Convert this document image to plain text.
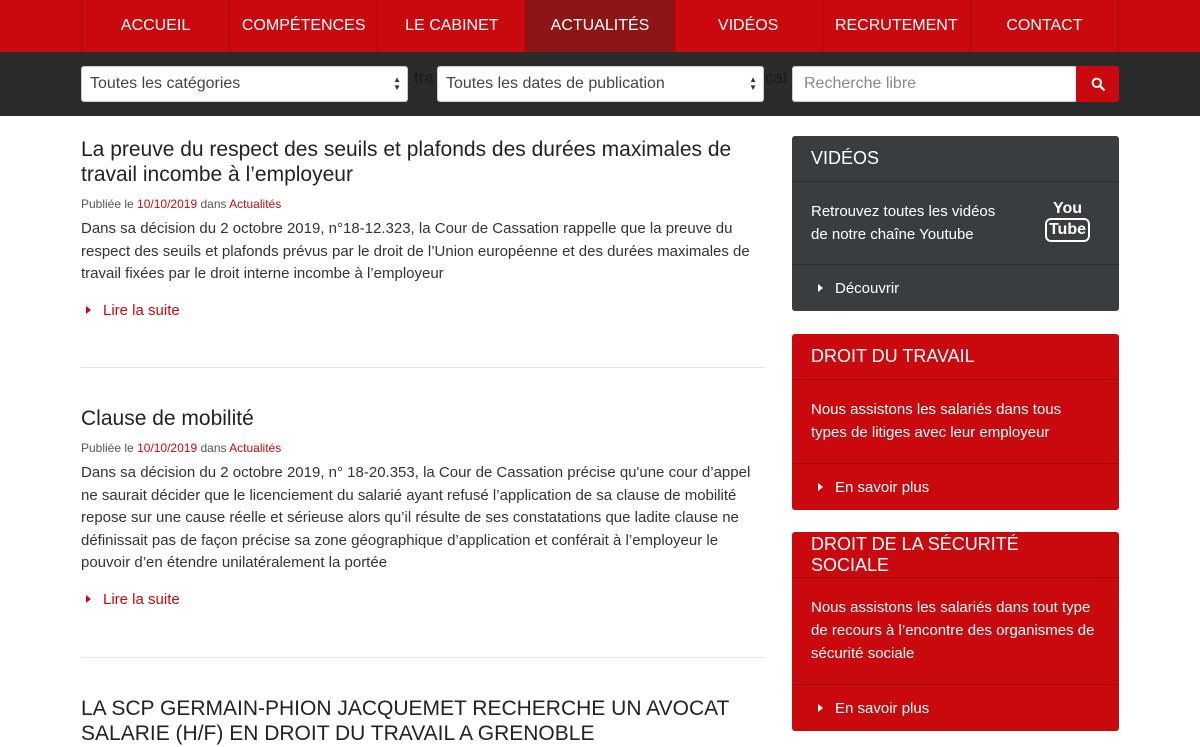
ACCUEIL	COMPÉTENCES	LE CABINET	ACTUALITÉS	VIDÉOS	RECRUTEMENT	CONTACT
tra	cat
Toutes les catégories	▲
▼	Toutes les dates de publication	▲
▼	Recherche libre
La preuve du respect des seuils et plafonds des durées maximales de travail incombe à l’employeur
Publiée le 10/10/2019 dans Actualités

Dans sa décision du 2 octobre 2019, n°18-12.323, la Cour de Cassation rappelle que la preuve du respect des seuils et plafonds prévus par le droit de l’Union européenne et des durées maximales de travail fixées par le droit interne incombe à l’employeur

Lire la suite
Clause de mobilité
Publiée le 10/10/2019 dans Actualités

Dans sa décision du 2 octobre 2019, n° 18-20.353, la Cour de Cassation précise qu'une cour d’appel ne saurait décider que le licenciement du salarié ayant refusé l’application de sa clause de mobilité repose sur une cause réelle et sérieuse alors qu’il résulte de ses constatations que ladite clause ne définissait pas de façon précise sa zone géographique d’application et conférait à l’employeur le pouvoir d’en étendre unilatéralement la portée

Lire la suite
LA SCP GERMAIN-PHION JACQUEMET RECHERCHE UN AVOCAT SALARIE (H/F) EN DROIT DU TRAVAIL A GRENOBLE
VIDÉOS
Retrouvez toutes les vidéos de notre chaîne Youtube
You
Tube
Découvrir
DROIT DU TRAVAIL
Nous assistons les salariés dans tous types de litiges avec leur employeur
En savoir plus
DROIT DE LA SÉCURITÉ SOCIALE
Nous assistons les salariés dans tout type de recours à l’encontre des organismes de sécurité sociale
En savoir plus
